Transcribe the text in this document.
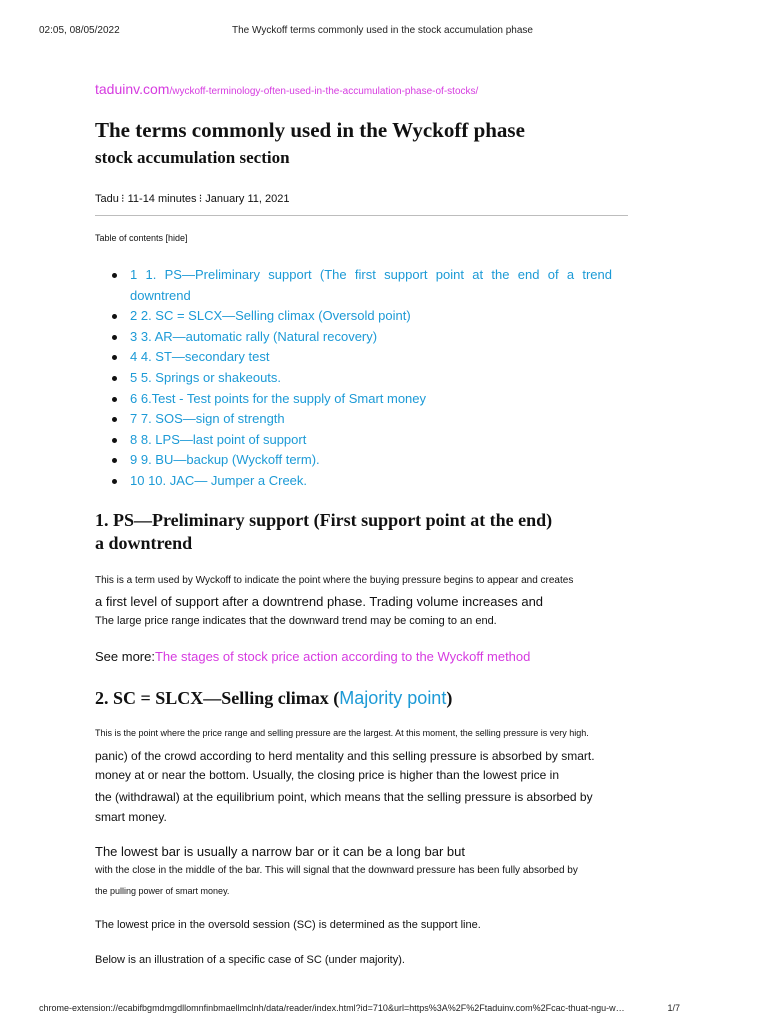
02:05, 08/05/2022	The Wyckoff terms commonly used in the stock accumulation phase
taduinv.com/wyckoff-terminology-often-used-in-the-accumulation-phase-of-stocks/
The terms commonly used in the Wyckoff phase
stock accumulation section
Tadu ⁝ 11-14 minutes ⁝ January 11, 2021
Table of contents [hide]
1 1. PS—Preliminary support (The first support point at the end of a trend downtrend
2 2. SC = SLCX—Selling climax (Oversold point)
3 3. AR—automatic rally (Natural recovery)
4 4. ST—secondary test
5 5. Springs or shakeouts.
6 6.Test - Test points for the supply of Smart money
7 7. SOS—sign of strength
8 8. LPS—last point of support
9 9. BU—backup (Wyckoff term).
10 10. JAC— Jumper a Creek.
1. PS—Preliminary support (First support point at the end)
a downtrend
This is a term used by Wyckoff to indicate the point where the buying pressure begins to appear and creates
a first level of support after a downtrend phase. Trading volume increases and
The large price range indicates that the downward trend may be coming to an end.
See more:The stages of stock price action according to the Wyckoff method
2. SC = SLCX—Selling climax (Majority point)
This is the point where the price range and selling pressure are the largest. At this moment, the selling pressure is very high.
panic) of the crowd according to herd mentality and this selling pressure is absorbed by smart.
money at or near the bottom. Usually, the closing price is higher than the lowest price in
the (withdrawal) at the equilibrium point, which means that the selling pressure is absorbed by
smart money.
The lowest bar is usually a narrow bar or it can be a long bar but
with the close in the middle of the bar. This will signal that the downward pressure has been fully absorbed by
the pulling power of smart money.
The lowest price in the oversold session (SC) is determined as the support line.
Below is an illustration of a specific case of SC (under majority).
chrome-extension://ecabifbgmdmgdllomnfinbmaellmclnh/data/reader/index.html?id=710&url=https%3A%2F%2Ftaduinv.com%2Fcac-thuat-ngu-w…	1/7
